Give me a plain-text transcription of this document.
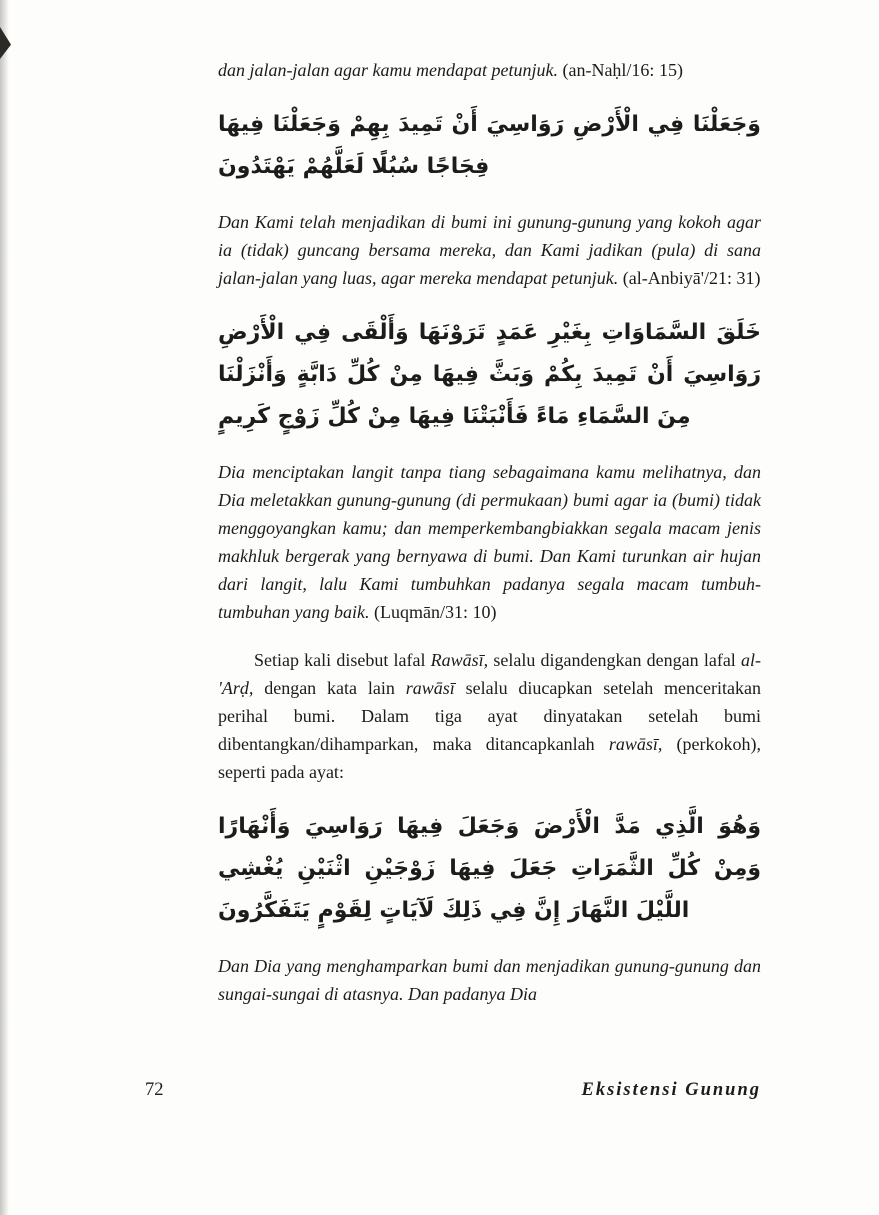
dan jalan-jalan agar kamu mendapat petunjuk. (an-Naḥl/16: 15)

وَجَعَلْنَا فِي الْأَرْضِ رَوَاسِيَ أَنْ تَمِيدَ بِهِمْ وَجَعَلْنَا فِيهَا فِجَاجًا سُبُلًا لَعَلَّهُمْ يَهْتَدُونَ

Dan Kami telah menjadikan di bumi ini gunung-gunung yang kokoh agar ia (tidak) guncang bersama mereka, dan Kami jadikan (pula) di sana jalan-jalan yang luas, agar mereka mendapat petunjuk. (al-Anbiyā'/21: 31)

خَلَقَ السَّمَاوَاتِ بِغَيْرِ عَمَدٍ تَرَوْنَهَا وَأَلْقَى فِي الْأَرْضِ رَوَاسِيَ أَنْ تَمِيدَ بِكُمْ وَبَثَّ فِيهَا مِنْ كُلِّ دَابَّةٍ وَأَنْزَلْنَا مِنَ السَّمَاءِ مَاءً فَأَنْبَتْنَا فِيهَا مِنْ كُلِّ زَوْجٍ كَرِيمٍ

Dia menciptakan langit tanpa tiang sebagaimana kamu melihatnya, dan Dia meletakkan gunung-gunung (di permukaan) bumi agar ia (bumi) tidak menggoyangkan kamu; dan memperkembangbiakkan segala macam jenis makhluk bergerak yang bernyawa di bumi. Dan Kami turunkan air hujan dari langit, lalu Kami tumbuhkan padanya segala macam tumbuh-tumbuhan yang baik. (Luqmān/31: 10)

Setiap kali disebut lafal Rawāsī, selalu digandengkan dengan lafal al-'Arḍ, dengan kata lain rawāsī selalu diucapkan setelah menceritakan perihal bumi. Dalam tiga ayat dinyatakan setelah bumi dibentangkan/dihamparkan, maka ditancapkanlah rawāsī, (perkokoh), seperti pada ayat:

وَهُوَ الَّذِي مَدَّ الْأَرْضَ وَجَعَلَ فِيهَا رَوَاسِيَ وَأَنْهَارًا وَمِنْ كُلِّ الثَّمَرَاتِ جَعَلَ فِيهَا زَوْجَيْنِ اثْنَيْنِ يُغْشِي اللَّيْلَ النَّهَارَ إِنَّ فِي ذَلِكَ لَآيَاتٍ لِقَوْمٍ يَتَفَكَّرُونَ

Dan Dia yang menghamparkan bumi dan menjadikan gunung-gunung dan sungai-sungai di atasnya. Dan padanya Dia

72	Eksistensi Gunung
